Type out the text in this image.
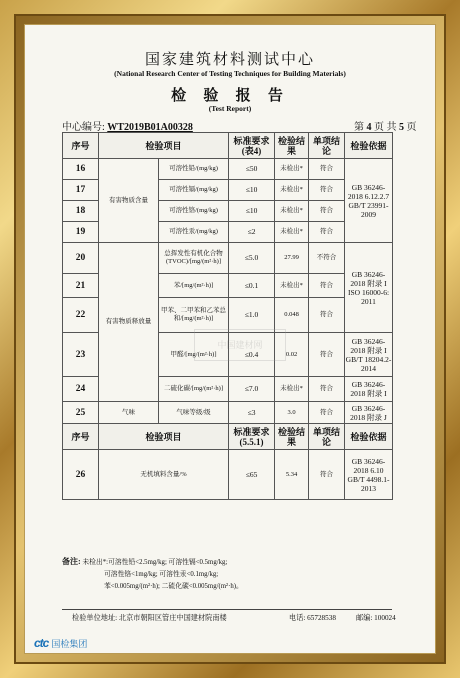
国家建筑材料测试中心
(National Research Center of Testing Techniques for Building Materials)
检 验 报 告
(Test Report)
中心编号: WT2019B01A00328	第 4 页 共 5 页
序号	检验项目		标准要求(表4)	检验结果	单项结论	检验依据
16	有害物质含量	可溶性铅/(mg/kg)	≤50	未检出*	符合	GB 36246-2018 6.12.2.7 GB/T 23991-2009
17		可溶性镉/(mg/kg)	≤10	未检出*	符合	
18		可溶性铬/(mg/kg)	≤10	未检出*	符合	
19		可溶性汞/(mg/kg)	≤2	未检出*	符合	
20	有害物质释放量	总挥发性有机化合物(TVOC)/[mg/(m²·h)]	≤5.0	27.99	不符合	GB 36246-2018 附录 I ISO 16000-6: 2011
21		苯/[mg/(m²·h)]	≤0.1	未检出*	符合	
22		甲苯、二甲苯和乙苯总和/[mg/(m²·h)]	≤1.0	0.048	符合	
23		甲醛/[mg/(m²·h)]	≤0.4	0.02	符合	GB 36246-2018 附录 I GB/T 18204.2-2014
24		二硫化碳/[mg/(m²·h)]	≤7.0	未检出*	符合	GB 36246-2018 附录 I
25	气味	气味等级/级	≤3	3.0	符合	GB 36246-2018 附录 J
序号	检验项目		标准要求(5.5.1)	检验结果	单项结论	检验依据
26	无机填料含量/%		≤65	5.34	符合	GB 36246-2018 6.10 GB/T 4498.1-2013
中国建材网
备注: 未检出*:可溶性铅<2.5mg/kg; 可溶性镉<0.5mg/kg;
可溶性铬<1mg/kg; 可溶性汞<0.1mg/kg;
苯<0.005mg/(m²·h); 二硫化碳<0.005mg/(m²·h)。
检验单位地址: 北京市朝阳区管庄中国建材院南楼	电话: 65728538	邮编: 100024
ctc 国检集团
